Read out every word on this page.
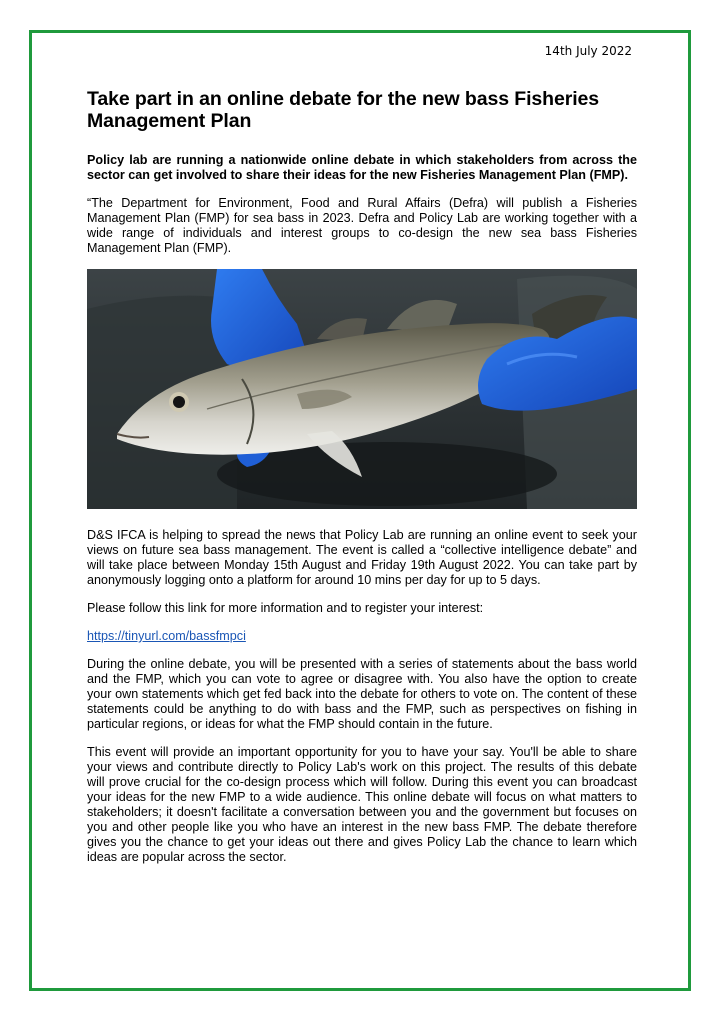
14th July 2022
Take part in an online debate for the new bass Fisheries Management Plan

Policy lab are running a nationwide online debate in which stakeholders from across the sector can get involved to share their ideas for the new Fisheries Management Plan (FMP).

“The Department for Environment, Food and Rural Affairs (Defra) will publish a Fisheries Management Plan (FMP) for sea bass in 2023. Defra and Policy Lab are working together with a wide range of individuals and interest groups to co-design the new sea bass Fisheries Management Plan (FMP).

D&S IFCA is helping to spread the news that Policy Lab are running an online event to seek your views on future sea bass management. The event is called a “collective intelligence debate” and will take place between Monday 15th August and Friday 19th August 2022. You can take part by anonymously logging onto a platform for around 10 mins per day for up to 5 days.

Please follow this link for more information and to register your interest:

https://tinyurl.com/bassfmpci

During the online debate, you will be presented with a series of statements about the bass world and the FMP, which you can vote to agree or disagree with. You also have the option to create your own statements which get fed back into the debate for others to vote on. The content of these statements could be anything to do with bass and the FMP, such as perspectives on fishing in particular regions, or ideas for what the FMP should contain in the future.

This event will provide an important opportunity for you to have your say. You'll be able to share your views and contribute directly to Policy Lab's work on this project. The results of this debate will prove crucial for the co-design process which will follow. During this event you can broadcast your ideas for the new FMP to a wide audience. This online debate will focus on what matters to stakeholders; it doesn't facilitate a conversation between you and the government but focuses on you and other people like you who have an interest in the new bass FMP. The debate therefore gives you the chance to get your ideas out there and gives Policy Lab the chance to learn which ideas are popular across the sector.
